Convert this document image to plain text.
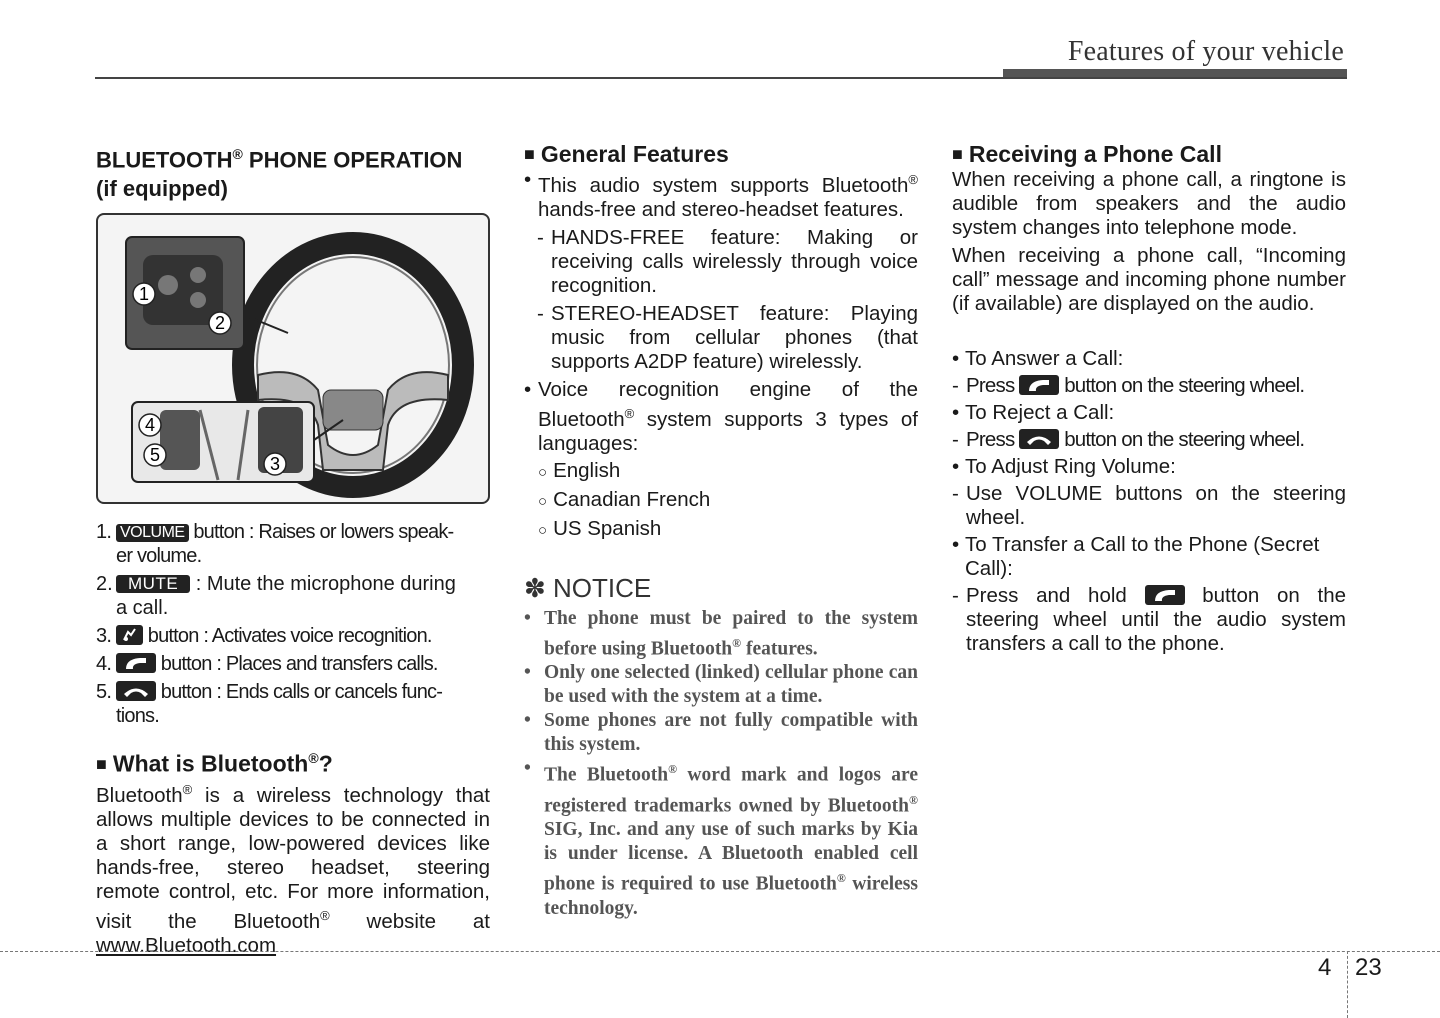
Features of your vehicle
BLUETOOTH® PHONE OPERATION
(if equipped)
1
2
3
4
5

1. VOLUME button : Raises or lowers speak-
er volume.

2. MUTE : Mute the microphone during
a call.

3. button : Activates voice recognition.

4. button : Places and transfers calls.

5. button : Ends calls or cancels func-
tions.

■ What is Bluetooth®?

Bluetooth® is a wireless technology that allows multiple devices to be connected in a short range, low-powered devices like hands-free, stereo headset, steering remote control, etc. For more information, visit the Bluetooth® website at www.Bluetooth.com

■ General Features

• This audio system supports Bluetooth® hands-free and stereo-headset features.

- HANDS-FREE feature: Making or receiving calls wirelessly through voice recognition.

- STEREO-HEADSET feature: Playing music from cellular phones (that supports A2DP feature) wirelessly.

• Voice recognition engine of the Bluetooth® system supports 3 types of languages:

○ English

○ Canadian French

○ US Spanish

✽ NOTICE

• The phone must be paired to the system before using Bluetooth® features.

• Only one selected (linked) cellular phone can be used with the system at a time.

• Some phones are not fully compatible with this system.

• The Bluetooth® word mark and logos are registered trademarks owned by Bluetooth® SIG, Inc. and any use of such marks by Kia is under license. A Bluetooth enabled cell phone is required to use Bluetooth® wireless technology.

■ Receiving a Phone Call

When receiving a phone call, a ringtone is audible from speakers and the audio system changes into telephone mode.

When receiving a phone call, “Incoming call” message and incoming phone number (if available) are displayed on the audio.

• To Answer a Call:

- Press
button on the steering wheel.

• To Reject a Call:

- Press
button on the steering wheel.

• To Adjust Ring Volume:

- Use VOLUME buttons on the steering wheel.

• To Transfer a Call to the Phone (Secret Call):

- Press and hold
button on the steering wheel until the audio system transfers a call to the phone.

4 23
